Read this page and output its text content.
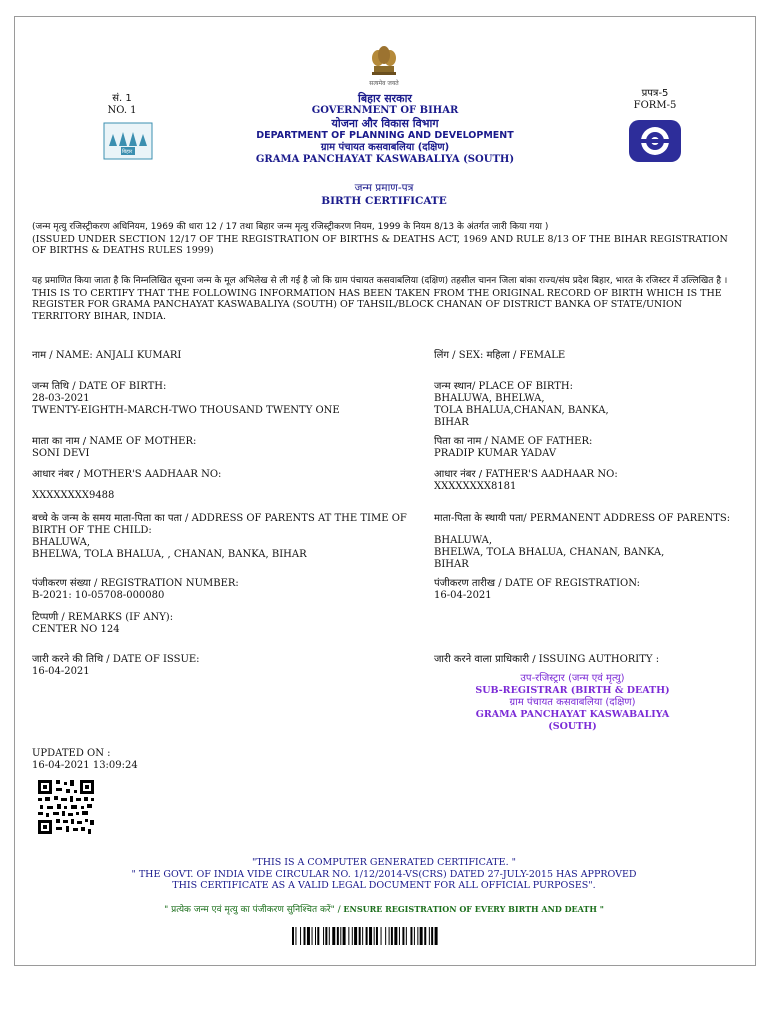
सत्यमेव जयते
सं. 1
NO. 1
बिहार
बिहार सरकार
GOVERNMENT OF BIHAR
योजना और विकास विभाग
DEPARTMENT OF PLANNING AND DEVELOPMENT
ग्राम पंचायत कसवाबलिया (दक्षिण)
GRAMA PANCHAYAT KASWABALIYA (SOUTH)
प्रपत्र-5
FORM-5
जन्म प्रमाण-पत्र
BIRTH CERTIFICATE
(जन्म मृत्यु रजिस्ट्रीकरण अधिनियम, 1969 की धारा 12 / 17 तथा बिहार जन्म मृत्यु रजिस्ट्रीकरण नियम, 1999 के नियम 8/13 के अंतर्गत जारी किया गया )
(ISSUED UNDER SECTION 12/17 OF THE REGISTRATION OF BIRTHS & DEATHS ACT, 1969 AND RULE 8/13 OF THE BIHAR REGISTRATION OF BIRTHS & DEATHS RULES 1999)
यह प्रमाणित किया जाता है कि निम्नलिखित सूचना जन्म के मूल अभिलेख से ली गई है जो कि ग्राम पंचायत कसवाबलिया (दक्षिण) तहसील चानन जिला बांका राज्य/संघ प्रदेश बिहार, भारत के रजिस्टर में उल्लिखित है ।
THIS IS TO CERTIFY THAT THE FOLLOWING INFORMATION HAS BEEN TAKEN FROM THE ORIGINAL RECORD OF BIRTH WHICH IS THE REGISTER FOR GRAMA PANCHAYAT KASWABALIYA (SOUTH) OF TAHSIL/BLOCK CHANAN OF DISTRICT BANKA OF STATE/UNION TERRITORY BIHAR, INDIA.
नाम / NAME: ANJALI KUMARI	लिंग / SEX: महिला / FEMALE
जन्म तिथि / DATE OF BIRTH:
28-03-2021
TWENTY-EIGHTH-MARCH-TWO THOUSAND TWENTY ONE
जन्म स्थान/ PLACE OF BIRTH:
BHALUWA, BHELWA,
TOLA BHALUA,CHANAN, BANKA,
BIHAR
माता का नाम / NAME OF MOTHER:
SONI DEVI
पिता का नाम / NAME OF FATHER:
PRADIP KUMAR YADAV
आधार नंबर / MOTHER'S AADHAAR NO:
XXXXXXXX9488
आधार नंबर / FATHER'S AADHAAR NO:
XXXXXXXX8181
बच्चे के जन्म के समय माता-पिता का पता / ADDRESS OF PARENTS AT THE TIME OF BIRTH OF THE CHILD:
BHALUWA,
BHELWA, TOLA BHALUA, , CHANAN, BANKA, BIHAR
माता-पिता के स्थायी पता/ PERMANENT ADDRESS OF PARENTS:
BHALUWA,
BHELWA, TOLA BHALUA, CHANAN, BANKA,
BIHAR
पंजीकरण संख्या / REGISTRATION NUMBER:
B-2021: 10-05708-000080
पंजीकरण तारीख / DATE OF REGISTRATION:
16-04-2021
टिप्पणी / REMARKS (IF ANY):
CENTER NO 124
जारी करने की तिथि / DATE OF ISSUE:
16-04-2021
जारी करने वाला प्राधिकारी / ISSUING AUTHORITY :
उप-रजिस्ट्रार (जन्म एवं मृत्यु)
SUB-REGISTRAR (BIRTH & DEATH)
ग्राम पंचायत कसवाबलिया (दक्षिण)
GRAMA PANCHAYAT KASWABALIYA (SOUTH)
UPDATED ON :
16-04-2021 13:09:24
"THIS IS A COMPUTER GENERATED CERTIFICATE. "
" THE GOVT. OF INDIA VIDE CIRCULAR NO. 1/12/2014-VS(CRS) DATED 27-JULY-2015 HAS APPROVED THIS CERTIFICATE AS A VALID LEGAL DOCUMENT FOR ALL OFFICIAL PURPOSES".
" प्रत्येक जन्म एवं मृत्यु का पंजीकरण सुनिश्चित करें" / ENSURE REGISTRATION OF EVERY BIRTH AND DEATH "
